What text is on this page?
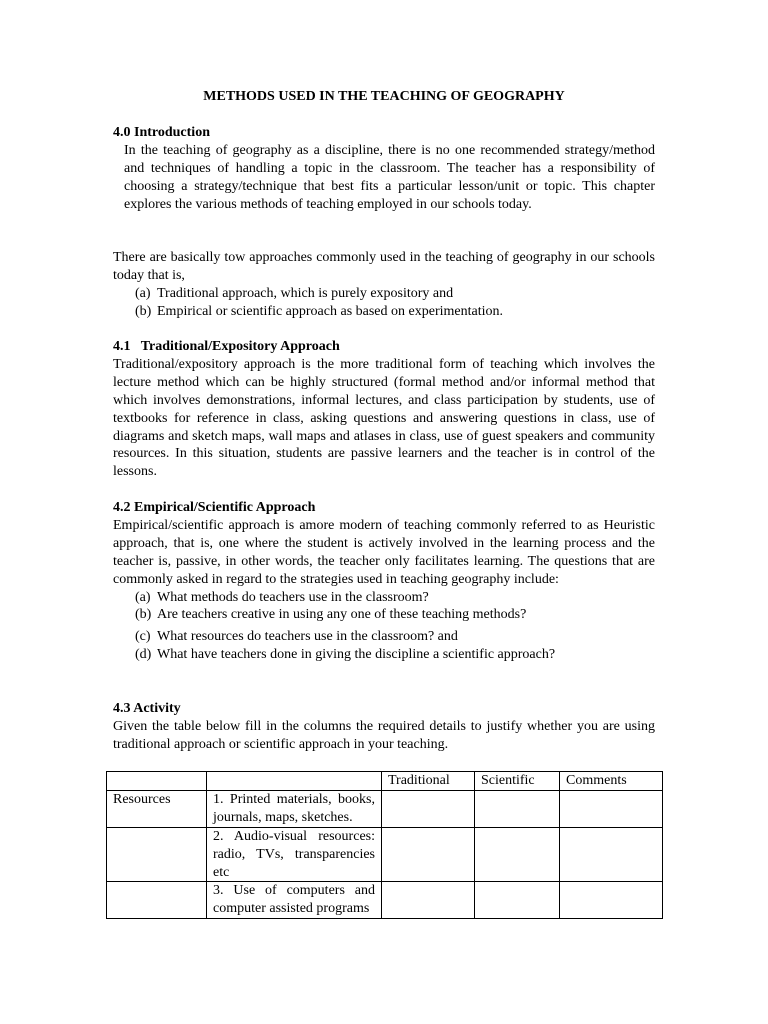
METHODS USED IN THE TEACHING OF GEOGRAPHY
4.0 Introduction
In the teaching of geography as a discipline, there is no one recommended strategy/method and techniques of handling a topic in the classroom. The teacher has a responsibility of choosing a strategy/technique that best fits a particular lesson/unit or topic. This chapter explores the various methods of teaching employed in our schools today.
There are basically tow approaches commonly used in the teaching of geography in our schools today that is,
(a) Traditional approach, which is purely expository and
(b) Empirical or scientific approach as based on experimentation.
4.1   Traditional/Expository Approach
Traditional/expository approach is the more traditional form of teaching which involves the lecture method which can be highly structured (formal method and/or informal method that which involves demonstrations, informal lectures, and class participation by students, use of textbooks for reference in class, asking questions and answering questions in class, use of diagrams and sketch maps, wall maps and atlases in class, use of guest speakers and community resources. In this situation, students are passive learners and the teacher is in control of the lessons.
4.2 Empirical/Scientific Approach
Empirical/scientific approach is amore modern of teaching commonly referred to as Heuristic approach, that is, one where the student is actively involved in the learning process and the teacher is, passive, in other words, the teacher only facilitates learning. The questions that are commonly asked in regard to the strategies used in teaching geography include:
(a) What methods do teachers use in the classroom?
(b) Are teachers creative in using any one of these teaching methods?
(c) What resources do teachers use in the classroom? and
(d) What have teachers done in giving the discipline a scientific approach?
4.3 Activity
Given the table below fill in the columns the required details to justify whether you are using traditional approach or scientific approach in your teaching.
		Traditional	Scientific	Comments
Resources	1. Printed materials, books, journals, maps, sketches.			
	2. Audio-visual resources: radio, TVs, transparencies etc			
	3. Use of computers and computer assisted programs			
